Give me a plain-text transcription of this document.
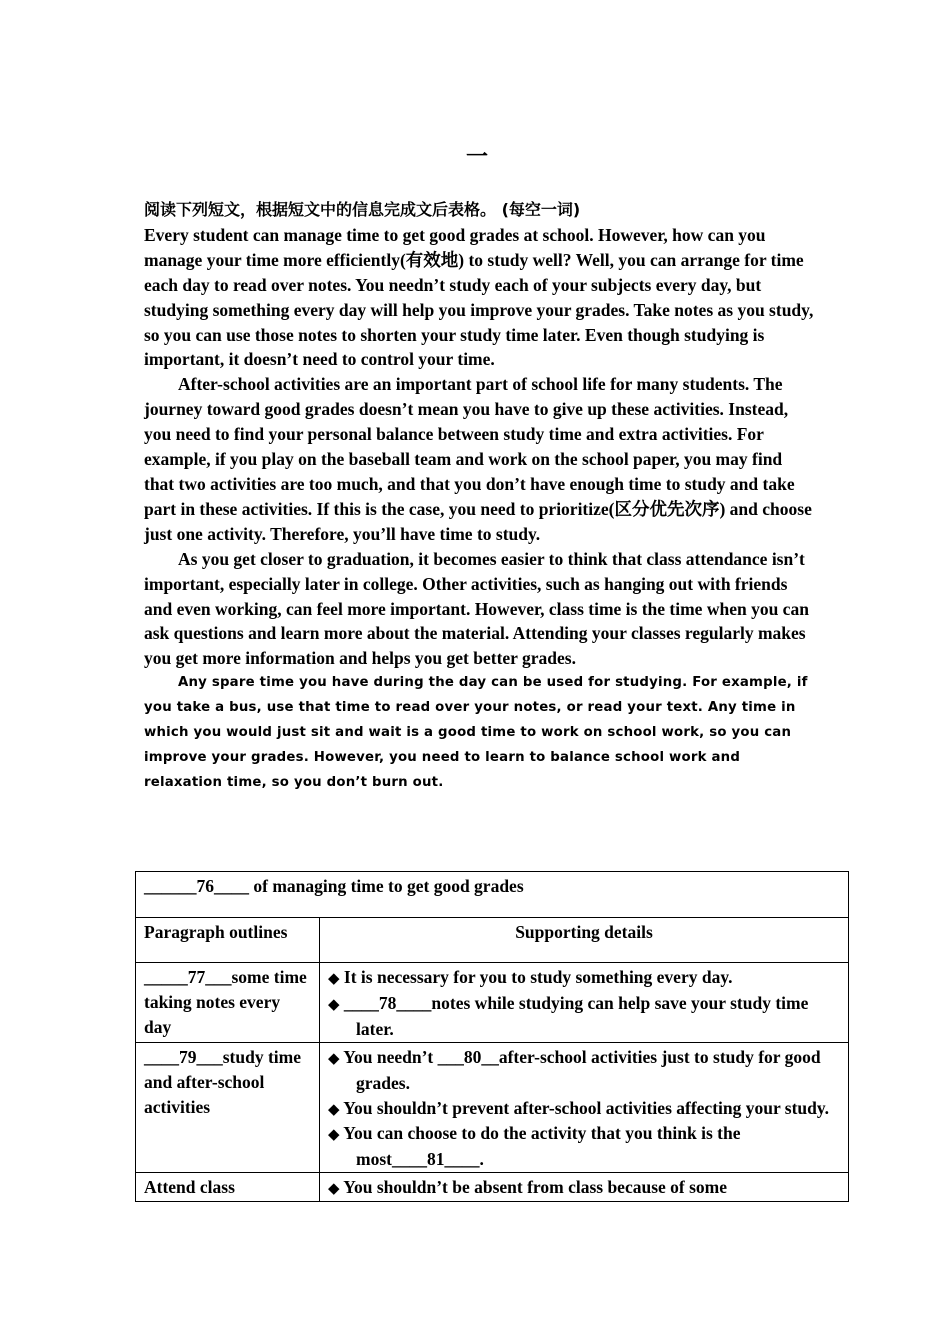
一

阅读下列短文，根据短文中的信息完成文后表格。 (每空一词)

Every student can manage time to get good grades at school. However, how can you manage your time more efficiently(有效地) to study well? Well, you can arrange for time each day to read over notes. You needn’t study each of your subjects every day, but studying something every day will help you improve your grades. Take notes as you study, so you can use those notes to shorten your study time later. Even though studying is important, it doesn’t need to control your time.

After-school activities are an important part of school life for many students. The journey toward good grades doesn’t mean you have to give up these activities. Instead, you need to find your personal balance between study time and extra activities. For example, if you play on the baseball team and work on the school paper, you may find that two activities are too much, and that you don’t have enough time to study and take part in these activities. If this is the case, you need to prioritize(区分优先次序) and choose just one activity. Therefore, you’ll have time to study.

As you get closer to graduation, it becomes easier to think that class attendance isn’t important, especially later in college. Other activities, such as hanging out with friends and even working, can feel more important. However, class time is the time when you can ask questions and learn more about the material. Attending your classes regularly makes you get more information and helps you get better grades.

Any spare time you have during the day can be used for studying. For example, if you take a bus, use that time to read over your notes, or read your text. Any time in which you would just sit and wait is a good time to work on school work, so you can improve your grades. However, you need to learn to balance school work and relaxation time, so you don’t burn out.

______76____ of managing time to get good grades	
Paragraph outlines	Supporting details
_____77___some time taking notes every day	◆ It is necessary for you to study something every day.
◆ ____78____notes while studying can help save your study time later.

____79___study time and after-school activities	◆ You needn’t ___80__after-school activities just to study for good grades.
◆ You shouldn’t prevent after-school activities affecting your study.
◆ You can choose to do the activity that you think is the most____81____.

Attend class	◆ You shouldn’t be absent from class because of some
